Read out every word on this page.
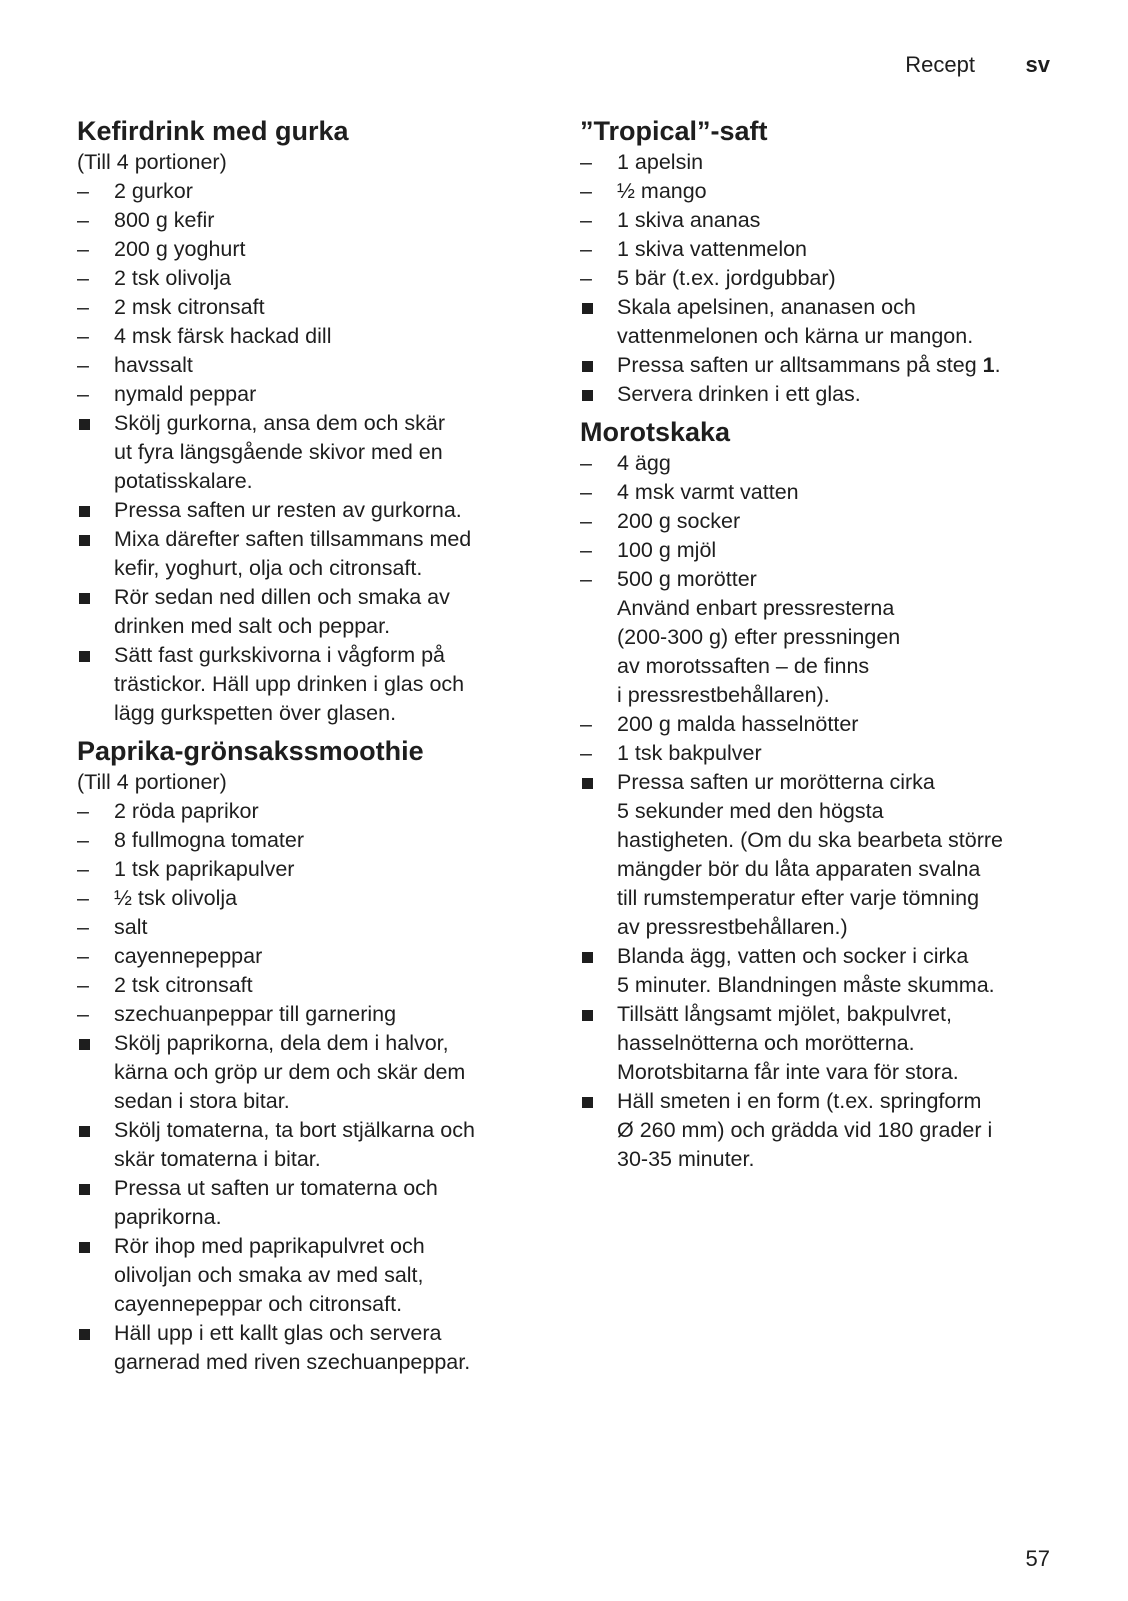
Recept sv
Kefirdrink med gurka
(Till 4 portioner)
–
2 gurkor
–
800 g kefir
–
200 g yoghurt
–
2 tsk olivolja
–
2 msk citronsaft
–
4 msk färsk hackad dill
–
havssalt
–
nymald peppar
Skölj gurkorna, ansa dem och skär
ut fyra längsgående skivor med en
potatisskalare.
Pressa saften ur resten av gurkorna.
Mixa därefter saften tillsammans med
kefir, yoghurt, olja och citronsaft.
Rör sedan ned dillen och smaka av
drinken med salt och peppar.
Sätt fast gurkskivorna i vågform på
trästickor. Häll upp drinken i glas och
lägg gurkspetten över glasen.
Paprika-grönsakssmoothie
(Till 4 portioner)
–
2 röda paprikor
–
8 fullmogna tomater
–
1 tsk paprikapulver
–
½ tsk olivolja
–
salt
–
cayennepeppar
–
2 tsk citronsaft
–
szechuanpeppar till garnering
Skölj paprikorna, dela dem i halvor,
kärna och gröp ur dem och skär dem
sedan i stora bitar.
Skölj tomaterna, ta bort stjälkarna och
skär tomaterna i bitar.
Pressa ut saften ur tomaterna och
paprikorna.
Rör ihop med paprikapulvret och
olivoljan och smaka av med salt,
cayennepeppar och citronsaft.
Häll upp i ett kallt glas och servera
garnerad med riven szechuanpeppar.
”Tropical”-saft
–
1 apelsin
–
½ mango
–
1 skiva ananas
–
1 skiva vattenmelon
–
5 bär (t.ex. jordgubbar)
Skala apelsinen, ananasen och
vattenmelonen och kärna ur mangon.
Pressa saften ur alltsammans på steg 1.
Servera drinken i ett glas.
Morotskaka
–
4 ägg
–
4 msk varmt vatten
–
200 g socker
–
100 g mjöl
–
500 g morötter
Använd enbart pressresterna
(200-300 g) efter pressningen
av morotssaften – de finns
i pressrestbehållaren).
–
200 g malda hasselnötter
–
1 tsk bakpulver
Pressa saften ur morötterna cirka
5 sekunder med den högsta
hastigheten. (Om du ska bearbeta större
mängder bör du låta apparaten svalna
till rumstemperatur efter varje tömning
av pressrestbehållaren.)
Blanda ägg, vatten och socker i cirka
5 minuter. Blandningen måste skumma.
Tillsätt långsamt mjölet, bakpulvret,
hasselnötterna och morötterna.
Morotsbitarna får inte vara för stora.
Häll smeten i en form (t.ex. springform
Ø 260 mm) och grädda vid 180 grader i
30-35 minuter.
57
